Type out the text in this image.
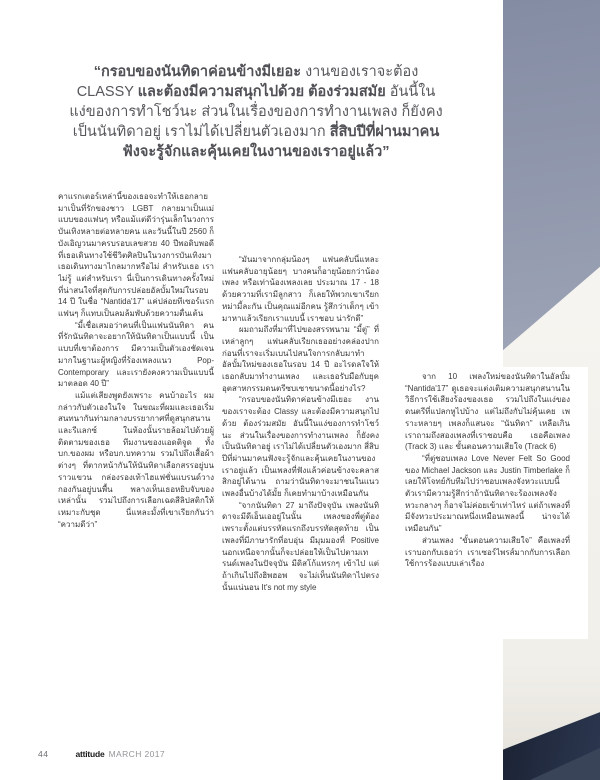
“กรอบของนันทิดาค่อนข้างมีเยอะ งานของเราจะต้อง
CLASSY และต้องมีความสนุกไปด้วย ต้องร่วมสมัย อันนี้ใน
แง่ของการทำโชว์นะ ส่วนในเรื่องของการทำงานเพลง ก็ยังคง
เป็นนันทิดาอยู่ เราไม่ได้เปลี่ยนตัวเองมาก สี่สิบปีที่ผ่านมาคน
ฟังจะรู้จักและคุ้นเคยในงานของเราอยู่แล้ว”

คาแรกเตอร์เหล่านี้ของเธอจะทำให้เธอกลายมาเป็นที่รักของชาว LGBT กลายมาเป็นแม่แบบของแฟนๆ หรือแม้แต่ดีว่ารุ่นเล็กในวงการบันเทิงหลายต่อหลายคน และวันนี้ในปี 2560 ก็บังเอิญวนมาครบรอบเลขสวย 40 ปีพอดิบพอดีที่เธอเดินทางใช้ชีวิตศิลปินในวงการบันเทิงมา เธอเดินทางมาไกลมากหรือไม่ สำหรับเธอ เราไม่รู้ แต่สำหรับเรา นี่เป็นการเดินทางครั้งใหม่ที่น่าสนใจที่สุดกับการปล่อยอัลบั้มใหม่ในรอบ 14 ปี ในชื่อ “Nantida'17” แค่ปล่อยทีเซอร์แรก แฟนๆ ก็แทบเป็นลมล้มพับด้วยความตื่นเต้น

“มี้เชื่อเสมอว่าคนที่เป็นแฟนนันทิดา คนที่รักนันทิดาจะอยากให้นันทิดาเป็นแบบนี้ เป็นแบบที่เขาต้องการ มีความเป็นตัวเองชัดเจนมากในฐานะผู้หญิงที่ร้องเพลงแนว Pop-Contemporary และเรายังคงความเป็นแบบนี้มาตลอด 40 ปี”

แม้แต่เสียงพูดยังเพราะ คนบ้าอะไร ผมกล่าวกับตัวเองในใจ ในขณะที่ผมและเธอเริ่มสนทนากันท่ามกลางบรรยากาศที่ดูสนุกสนานและรีแลกซ์ ในห้องนั้นรายล้อมไปด้วยผู้ติดตามของเธอ ทีมงานของแอดติจูด ทั้ง บก.ของผม หรือบก.บทความ รวมไปถึงเสื้อผ้าต่างๆ ที่ตากหน้ากันให้นันทิดาเลือกสรรอยู่บนราวแขวน กล่องรองเท้าไฮแฟชั่นแบรนด์วางกองกันอยู่บนพื้น พลางเห็นเธอหยิบจับของเหล่านั้น รวมไปถึงการเลือกเฉดสีลิปสติกให้เหมาะกับชุด นี่แหละมั้งที่เขาเรียกกันว่า “ความดีว่า”

“มันมาจากกลุ่มน้องๆ แฟนคลับนี่แหละ แฟนคลับอายุน้อยๆ บางคนก็อายุน้อยกว่าน้องเพลง หรือเท่าน้องเพลงเลย ประมาณ 17 - 18 ด้วยความที่เรามีลูกสาว ก็เลยให้พวกเขาเรียกหม่ามี้ละกัน เป็นคุณแม่อีกคน รู้สึกว่าเด็กๆ เข้ามาหาแล้วเรียกเราแบบนี้ เราชอบ น่ารักดี”

ผมถามถึงที่มาที่ไปของสรรพนาม “มี้ตู่” ที่เหล่าลูกๆ แฟนคลับเรียกเธออย่างคล่องปาก ก่อนที่เราจะเริ่มเบนไปสนใจการกลับมาทำอัลบั้มใหม่ของเธอในรอบ 14 ปี อะไรดลใจให้เธอกลับมาทำงานเพลง และเธอรับมือกับยุคอุตสาหกรรมดนตรีซบเซาขนาดนี้อย่างไร?

“กรอบของนันทิดาค่อนข้างมีเยอะ งานของเราจะต้อง Classy และต้องมีความสนุกไปด้วย ต้องร่วมสมัย อันนี้ในแง่ของการทำโชว์นะ ส่วนในเรื่องของการทำงานเพลง ก็ยังคงเป็นนันทิดาอยู่ เราไม่ได้เปลี่ยนตัวเองมาก สี่สิบปีที่ผ่านมาคนฟังจะรู้จักและคุ้นเคยในงานของเราอยู่แล้ว เป็นเพลงที่ฟังแล้วค่อนข้างจะคลาสสิกอยู่ได้นาน ถามว่านันทิดาจะมาชนในแนวเพลงอื่นบ้างได้มั้ย ก็เคยทำมาบ้างเหมือนกัน

“จากนันทิดา 27 มาถึงปัจจุบัน เพลงนันทิดาจะมีดีเอ็นเออยู่ในนั้น เพลงของพี่ตู่ต้องเพราะตั้งแต่บรรทัดแรกถึงบรรทัดสุดท้าย เป็นเพลงที่มีภาษารักที่อบอุ่น มีมุมมองที่ Positive นอกเหนือจากนั้นก็จะปล่อยให้เป็นไปตามเทรนด์เพลงในปัจจุบัน มีดิสโก้แทรกๆ เข้าไป แต่ถ้าเกินไปถึงฮิพฮอพ จะไม่เห็นนันทิดาไปตรงนั้นแน่นอน It's not my style

จาก 10 เพลงใหม่ของนันทิดาในอัลบั้ม “Nantida'17” ดูเธอจะแต่งเติมความสนุกสนานในวิธีการใช้เสียงร้องของเธอ รวมไปถึงในแง่ของดนตรีที่แปลกหูไปบ้าง แต่ไม่ถึงกับไม่คุ้นเคย เพราะหลายๆ เพลงก็แสนจะ “นันทิดา” เหลือเกิน เราถามถึงสองเพลงที่เราชอบคือ เธอคือเพลง (Track 3) และ ขั้นตอนความเสียใจ (Track 6)

“ที่ตู่ชอบเพลง Love Never Felt So Good ของ Michael Jackson และ Justin Timberlake ก็เลยให้โจทย์กับทีมไปว่าชอบเพลงจังหวะแบบนี้ ตัวเรามีความรู้สึกว่าถ้านันทิดาจะร้องเพลงจังหวะกลางๆ ก็อาจไม่ค่อยเข้าเท่าไหร่ แต่ถ้าเพลงที่มีจังหวะประมาณหนึ่งเหมือนเพลงนี้ น่าจะได้เหมือนกัน”

ส่วนเพลง “ขั้นตอนความเสียใจ” คือเพลงที่เราบอกกับเธอว่า เราเซอร์ไพรส์มากกับการเลือกใช้การร้องแบบเล่าเรื่อง

44	attitude MARCH 2017
